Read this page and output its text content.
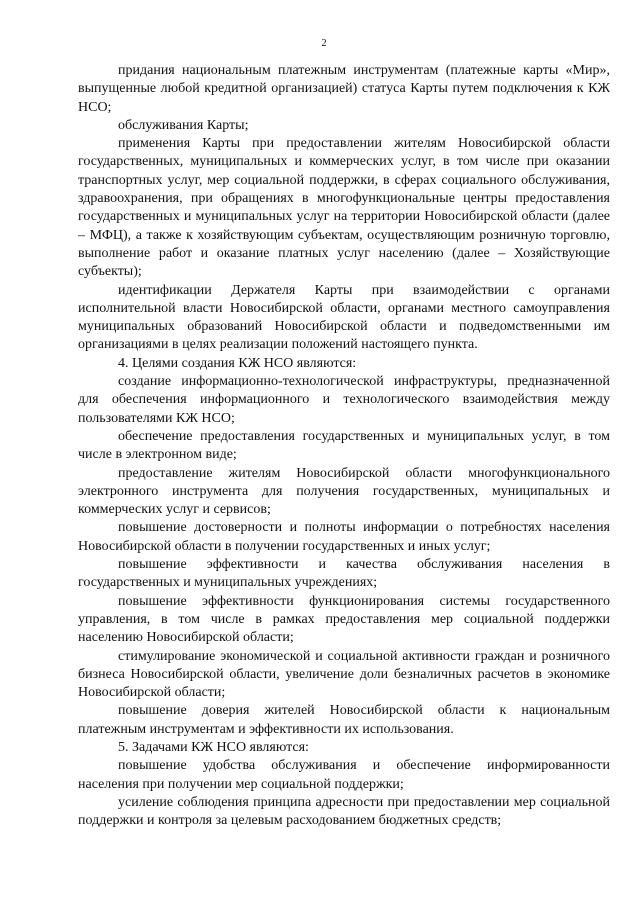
2

придания национальным платежным инструментам (платежные карты «Мир», выпущенные любой кредитной организацией) статуса Карты путем подключения к КЖ НСО;

обслуживания Карты;

применения Карты при предоставлении жителям Новосибирской области государственных, муниципальных и коммерческих услуг, в том числе при оказании транспортных услуг, мер социальной поддержки, в сферах социального обслуживания, здравоохранения, при обращениях в многофункциональные центры предоставления государственных и муниципальных услуг на территории Новосибирской области (далее – МФЦ), а также к хозяйствующим субъектам, осуществляющим розничную торговлю, выполнение работ и оказание платных услуг населению (далее – Хозяйствующие субъекты);

идентификации Держателя Карты при взаимодействии с органами исполнительной власти Новосибирской области, органами местного самоуправления муниципальных образований Новосибирской области и подведомственными им организациями в целях реализации положений настоящего пункта.

4. Целями создания КЖ НСО являются:

создание информационно-технологической инфраструктуры, предназначенной для обеспечения информационного и технологического взаимодействия между пользователями КЖ НСО;

обеспечение предоставления государственных и муниципальных услуг, в том числе в электронном виде;

предоставление жителям Новосибирской области многофункционального электронного инструмента для получения государственных, муниципальных и коммерческих услуг и сервисов;

повышение достоверности и полноты информации о потребностях населения Новосибирской области в получении государственных и иных услуг;

повышение эффективности и качества обслуживания населения в государственных и муниципальных учреждениях;

повышение эффективности функционирования системы государственного управления, в том числе в рамках предоставления мер социальной поддержки населению Новосибирской области;

стимулирование экономической и социальной активности граждан и розничного бизнеса Новосибирской области, увеличение доли безналичных расчетов в экономике Новосибирской области;

повышение доверия жителей Новосибирской области к национальным платежным инструментам и эффективности их использования.

5. Задачами КЖ НСО являются:

повышение удобства обслуживания и обеспечение информированности населения при получении мер социальной поддержки;

усиление соблюдения принципа адресности при предоставлении мер социальной поддержки и контроля за целевым расходованием бюджетных средств;
